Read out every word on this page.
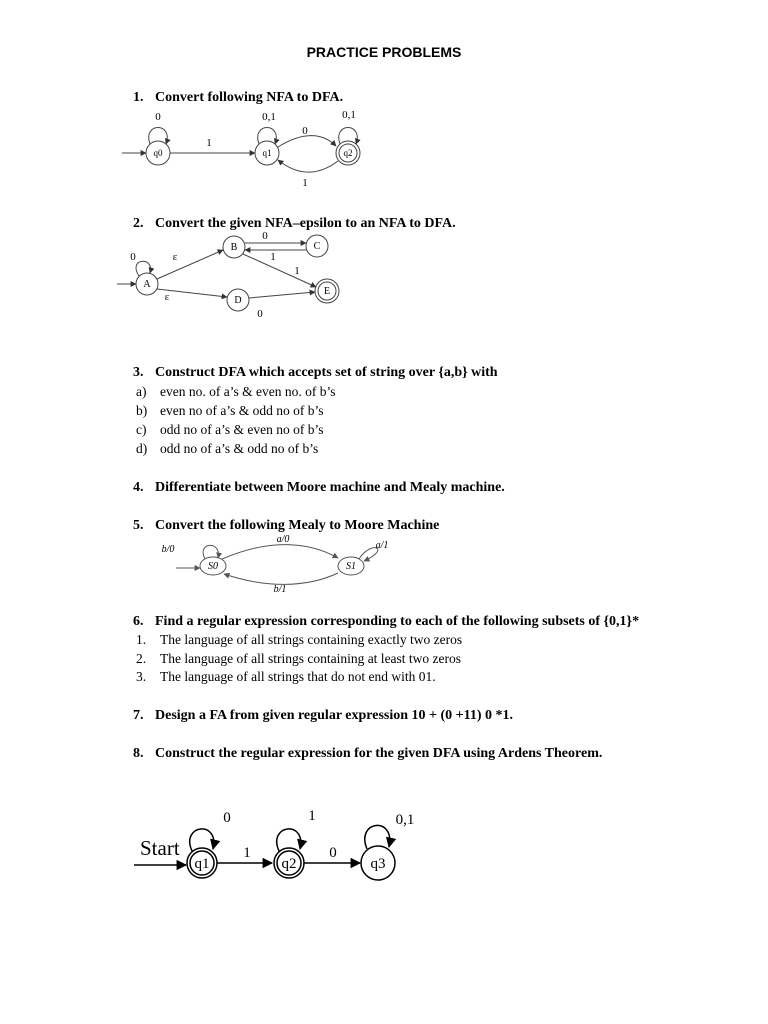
PRACTICE PROBLEMS
1. Convert following NFA to DFA.
q0	q1	q2
0	0,1	0,1
1
0
1
2. Convert the given NFA–epsilon to an NFA to DFA.
A
B	C
D
E
0	ε
ε
0
1
1
0
3. Construct DFA which accepts set of string over {a,b} with
a) even no. of a’s & even no. of b’s
b) even no of a’s & odd no of b’s
c) odd no of a’s & even no of b’s
d) odd no of a’s & odd no of b’s
4. Differentiate between Moore machine and Mealy machine.
5. Convert the following Mealy to Moore Machine
S0	S1
b/0	a/1
a/0
b/1
6. Find a regular expression corresponding to each of the following subsets of {0,1}*
1. The language of all strings containing exactly two zeros
2. The language of all strings containing at least two zeros
3. The language of all strings that do not end with 01.
7. Design a FA from given regular expression 10 + (0 +11) 0 *1.
8. Construct the regular expression for the given DFA using Ardens Theorem.
Start
q1	q2	q3
0	1	0,1
1	0
